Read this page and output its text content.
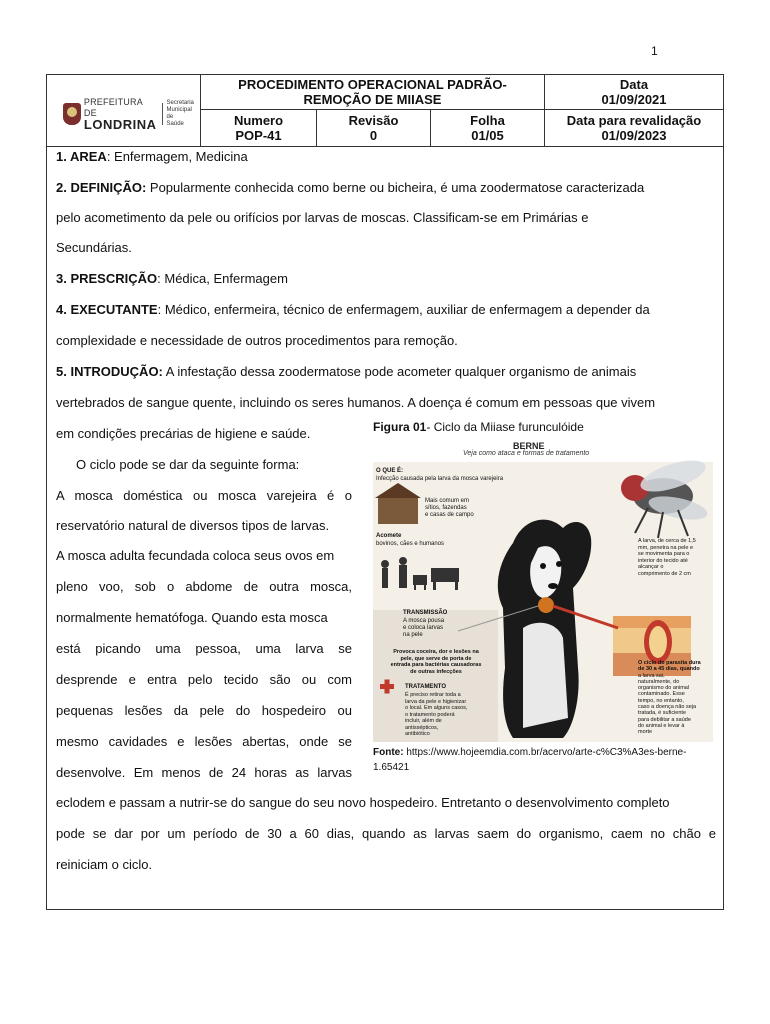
1
PREFEITURA DE
LONDRINA
Secretaria
Municipal de
Saúde
PROCEDIMENTO OPERACIONAL PADRÃO-
REMOÇÃO DE MIIASE
Data
01/09/2021
Numero
POP-41
Revisão
0
Folha
01/05
Data para revalidação
01/09/2023
1. AREA: Enfermagem, Medicina
2. DEFINIÇÃO: Popularmente conhecida como berne ou bicheira, é uma zoodermatose caracterizada
pelo acometimento da pele ou orifícios por larvas de moscas. Classificam-se em Primárias e
Secundárias.
3. PRESCRIÇÃO: Médica, Enfermagem
4. EXECUTANTE: Médico, enfermeira, técnico de enfermagem, auxiliar de enfermagem a depender da
complexidade e necessidade de outros procedimentos para remoção.
5. INTRODUÇÃO: A infestação dessa zoodermatose pode acometer qualquer organismo de animais
vertebrados de sangue quente, incluindo os seres humanos. A doença é comum em pessoas que vivem
em condições precárias de higiene e saúde.
O ciclo pode se dar da seguinte forma:
A mosca doméstica ou mosca varejeira é o
reservatório natural de diversos tipos de larvas.
A mosca adulta fecundada coloca seus ovos em
pleno voo, sob o abdome de outra mosca,
normalmente hematófoga. Quando esta mosca
está picando uma pessoa, uma larva se
desprende e entra pelo tecido são ou com
pequenas lesões da pele do hospedeiro ou
mesmo cavidades e lesões abertas, onde se
desenvolve. Em menos de 24 horas as larvas
eclodem e passam a nutrir-se do sangue do seu novo hospedeiro. Entretanto o desenvolvimento completo
pode se dar por um período de 30 a 60 dias, quando as larvas saem do organismo, caem no chão e
reiniciam o ciclo.
Figura 01- Ciclo da Miiase furunculóide
BERNE
Veja como ataca e formas de tratamento
O QUE É:
Infecção causada pela larva da mosca varejeira
Mais comum em
sítios, fazendas
e casas de campo
Acomete
bovinos, cães e humanos	A larva, de cerca de 1,5
mm, penetra na pele e
se movimenta para o
interior do tecido até
alcançar o
comprimento de 2 cm
TRANSMISSÃO
A mosca pousa
e coloca larvas
na pele
Provoca coceira, dor e lesões na
pele, que serve de porta de
entrada para bactérias causadoras
de outras infecções
TRATAMENTO
É preciso retirar toda a
larva da pele e higienizar
o local. Em alguns casos,
o tratamento poderá
incluir, além de
antissépticos,
antibiótico
O ciclo do parasita dura
de 30 a 45 dias, quando
a larva sai,
naturalmente, do
organismo do animal
contaminado. Esse
tempo, no entanto,
caso a doença não seja
tratada, é suficiente
para debilitar a saúde
do animal e levar à
morte
Fonte: https://www.hojeemdia.com.br/acervo/arte-c%C3%A3es-berne-1.65421
